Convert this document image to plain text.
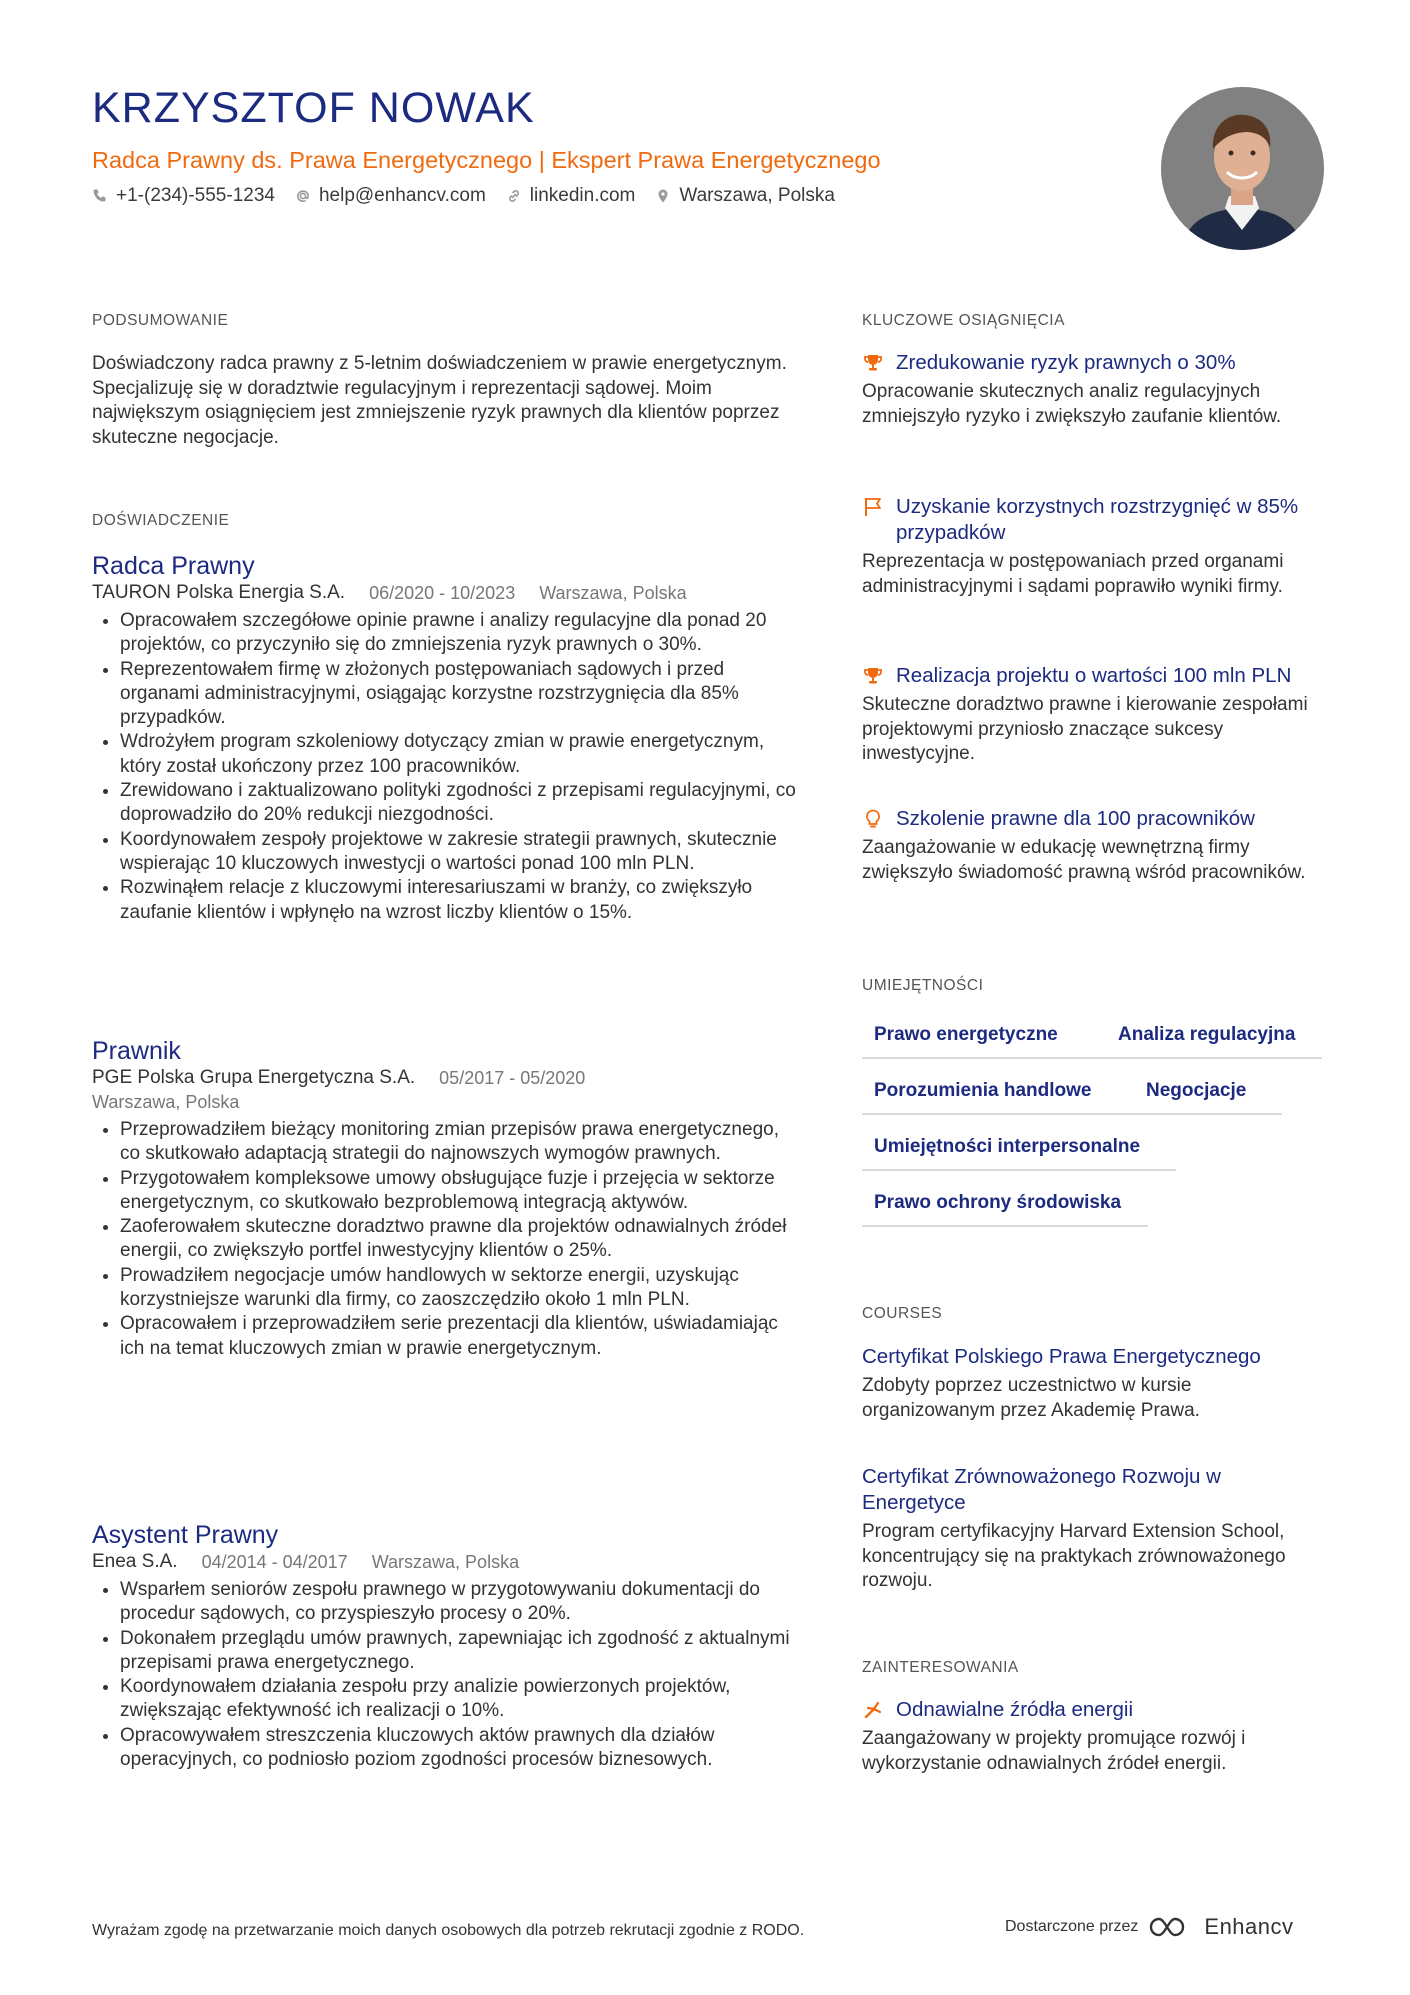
KRZYSZTOF NOWAK
Radca Prawny ds. Prawa Energetycznego | Ekspert Prawa Energetycznego
+1-(234)-555-1234 help@enhancv.com linkedin.com Warszawa, Polska
PODSUMOWANIE
Doświadczony radca prawny z 5-letnim doświadczeniem w prawie energetycznym. Specjalizuję się w doradztwie regulacyjnym i reprezentacji sądowej. Moim największym osiągnięciem jest zmniejszenie ryzyk prawnych dla klientów poprzez skuteczne negocjacje.
DOŚWIADCZENIE
Radca Prawny
TAURON Polska Energia S.A. 06/2020 - 10/2023 Warszawa, Polska
• Opracowałem szczegółowe opinie prawne i analizy regulacyjne dla ponad 20 projektów, co przyczyniło się do zmniejszenia ryzyk prawnych o 30%.
• Reprezentowałem firmę w złożonych postępowaniach sądowych i przed organami administracyjnymi, osiągając korzystne rozstrzygnięcia dla 85% przypadków.
• Wdrożyłem program szkoleniowy dotyczący zmian w prawie energetycznym, który został ukończony przez 100 pracowników.
• Zrewidowano i zaktualizowano polityki zgodności z przepisami regulacyjnymi, co doprowadziło do 20% redukcji niezgodności.
• Koordynowałem zespoły projektowe w zakresie strategii prawnych, skutecznie wspierając 10 kluczowych inwestycji o wartości ponad 100 mln PLN.
• Rozwinąłem relacje z kluczowymi interesariuszami w branży, co zwiększyło zaufanie klientów i wpłynęło na wzrost liczby klientów o 15%.
Prawnik
PGE Polska Grupa Energetyczna S.A. 05/2017 - 05/2020
Warszawa, Polska
• Przeprowadziłem bieżący monitoring zmian przepisów prawa energetycznego, co skutkowało adaptacją strategii do najnowszych wymogów prawnych.
• Przygotowałem kompleksowe umowy obsługujące fuzje i przejęcia w sektorze energetycznym, co skutkowało bezproblemową integracją aktywów.
• Zaoferowałem skuteczne doradztwo prawne dla projektów odnawialnych źródeł energii, co zwiększyło portfel inwestycyjny klientów o 25%.
• Prowadziłem negocjacje umów handlowych w sektorze energii, uzyskując korzystniejsze warunki dla firmy, co zaoszczędziło około 1 mln PLN.
• Opracowałem i przeprowadziłem serie prezentacji dla klientów, uświadamiając ich na temat kluczowych zmian w prawie energetycznym.
Asystent Prawny
Enea S.A. 04/2014 - 04/2017 Warszawa, Polska
• Wsparłem seniorów zespołu prawnego w przygotowywaniu dokumentacji do procedur sądowych, co przyspieszyło procesy o 20%.
• Dokonałem przeglądu umów prawnych, zapewniając ich zgodność z aktualnymi przepisami prawa energetycznego.
• Koordynowałem działania zespołu przy analizie powierzonych projektów, zwiększając efektywność ich realizacji o 10%.
• Opracowywałem streszczenia kluczowych aktów prawnych dla działów operacyjnych, co podniosło poziom zgodności procesów biznesowych.
KLUCZOWE OSIĄGNIĘCIA
Zredukowanie ryzyk prawnych o 30%
Opracowanie skutecznych analiz regulacyjnych zmniejszyło ryzyko i zwiększyło zaufanie klientów.
Uzyskanie korzystnych rozstrzygnięć w 85% przypadków
Reprezentacja w postępowaniach przed organami administracyjnymi i sądami poprawiło wyniki firmy.
Realizacja projektu o wartości 100 mln PLN
Skuteczne doradztwo prawne i kierowanie zespołami projektowymi przyniosło znaczące sukcesy inwestycyjne.
Szkolenie prawne dla 100 pracowników
Zaangażowanie w edukację wewnętrzną firmy zwiększyło świadomość prawną wśród pracowników.
UMIEJĘTNOŚCI
Prawo energetyczne	Analiza regulacyjna
Porozumienia handlowe	Negocjacje
Umiejętności interpersonalne
Prawo ochrony środowiska
COURSES
Certyfikat Polskiego Prawa Energetycznego
Zdobyty poprzez uczestnictwo w kursie organizowanym przez Akademię Prawa.
Certyfikat Zrównoważonego Rozwoju w Energetyce
Program certyfikacyjny Harvard Extension School, koncentrujący się na praktykach zrównoważonego rozwoju.
ZAINTERESOWANIA
Odnawialne źródła energii
Zaangażowany w projekty promujące rozwój i wykorzystanie odnawialnych źródeł energii.
Wyrażam zgodę na przetwarzanie moich danych osobowych dla potrzeb rekrutacji zgodnie z RODO.	Dostarczone przez	Enhancv
